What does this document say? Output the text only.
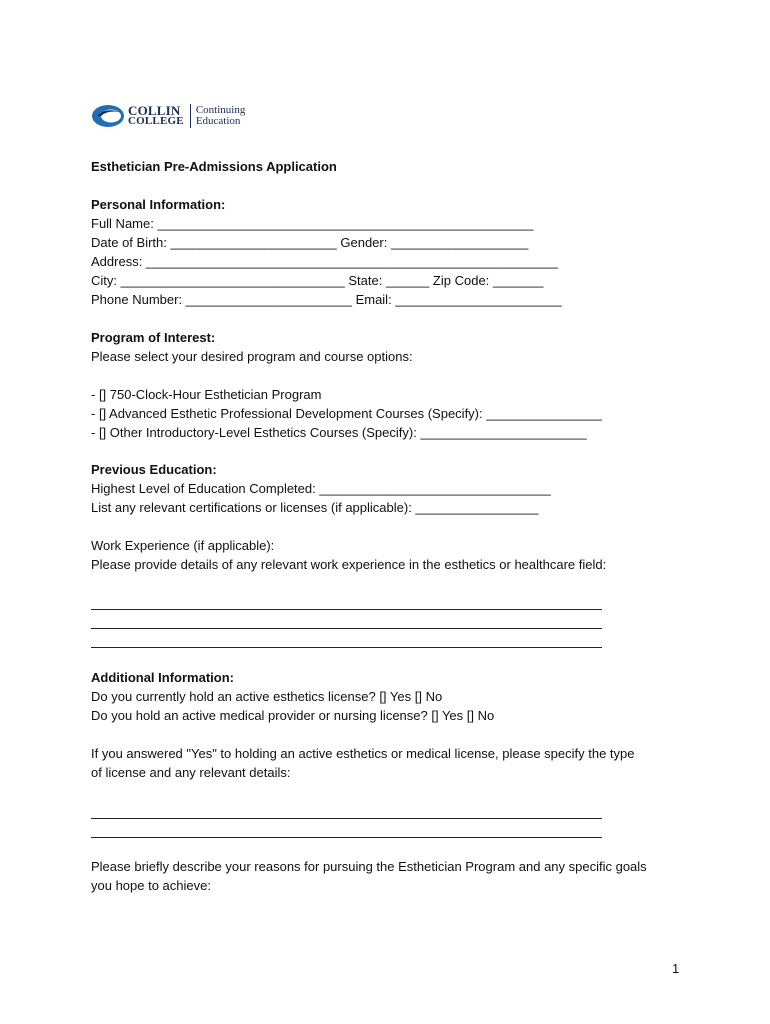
COLLIN
COLLEGE
Continuing
Education
Esthetician Pre-Admissions Application
Personal Information:
Full Name: ____________________________________________________
Date of Birth: _______________________ Gender: ___________________
Address: _________________________________________________________
City: _______________________________ State: ______ Zip Code: _______
Phone Number: _______________________ Email: _______________________
Program of Interest:
Please select your desired program and course options:
- [] 750-Clock-Hour Esthetician Program
- [] Advanced Esthetic Professional Development Courses (Specify): ________________
- [] Other Introductory-Level Esthetics Courses (Specify): _______________________
Previous Education:
Highest Level of Education Completed: ________________________________
List any relevant certifications or licenses (if applicable): _________________
Work Experience (if applicable):
Please provide details of any relevant work experience in the esthetics or healthcare field:
Additional Information:
Do you currently hold an active esthetics license? [] Yes [] No
Do you hold an active medical provider or nursing license? [] Yes [] No
If you answered "Yes" to holding an active esthetics or medical license, please specify the type
of license and any relevant details:
Please briefly describe your reasons for pursuing the Esthetician Program and any specific goals
you hope to achieve:
1
